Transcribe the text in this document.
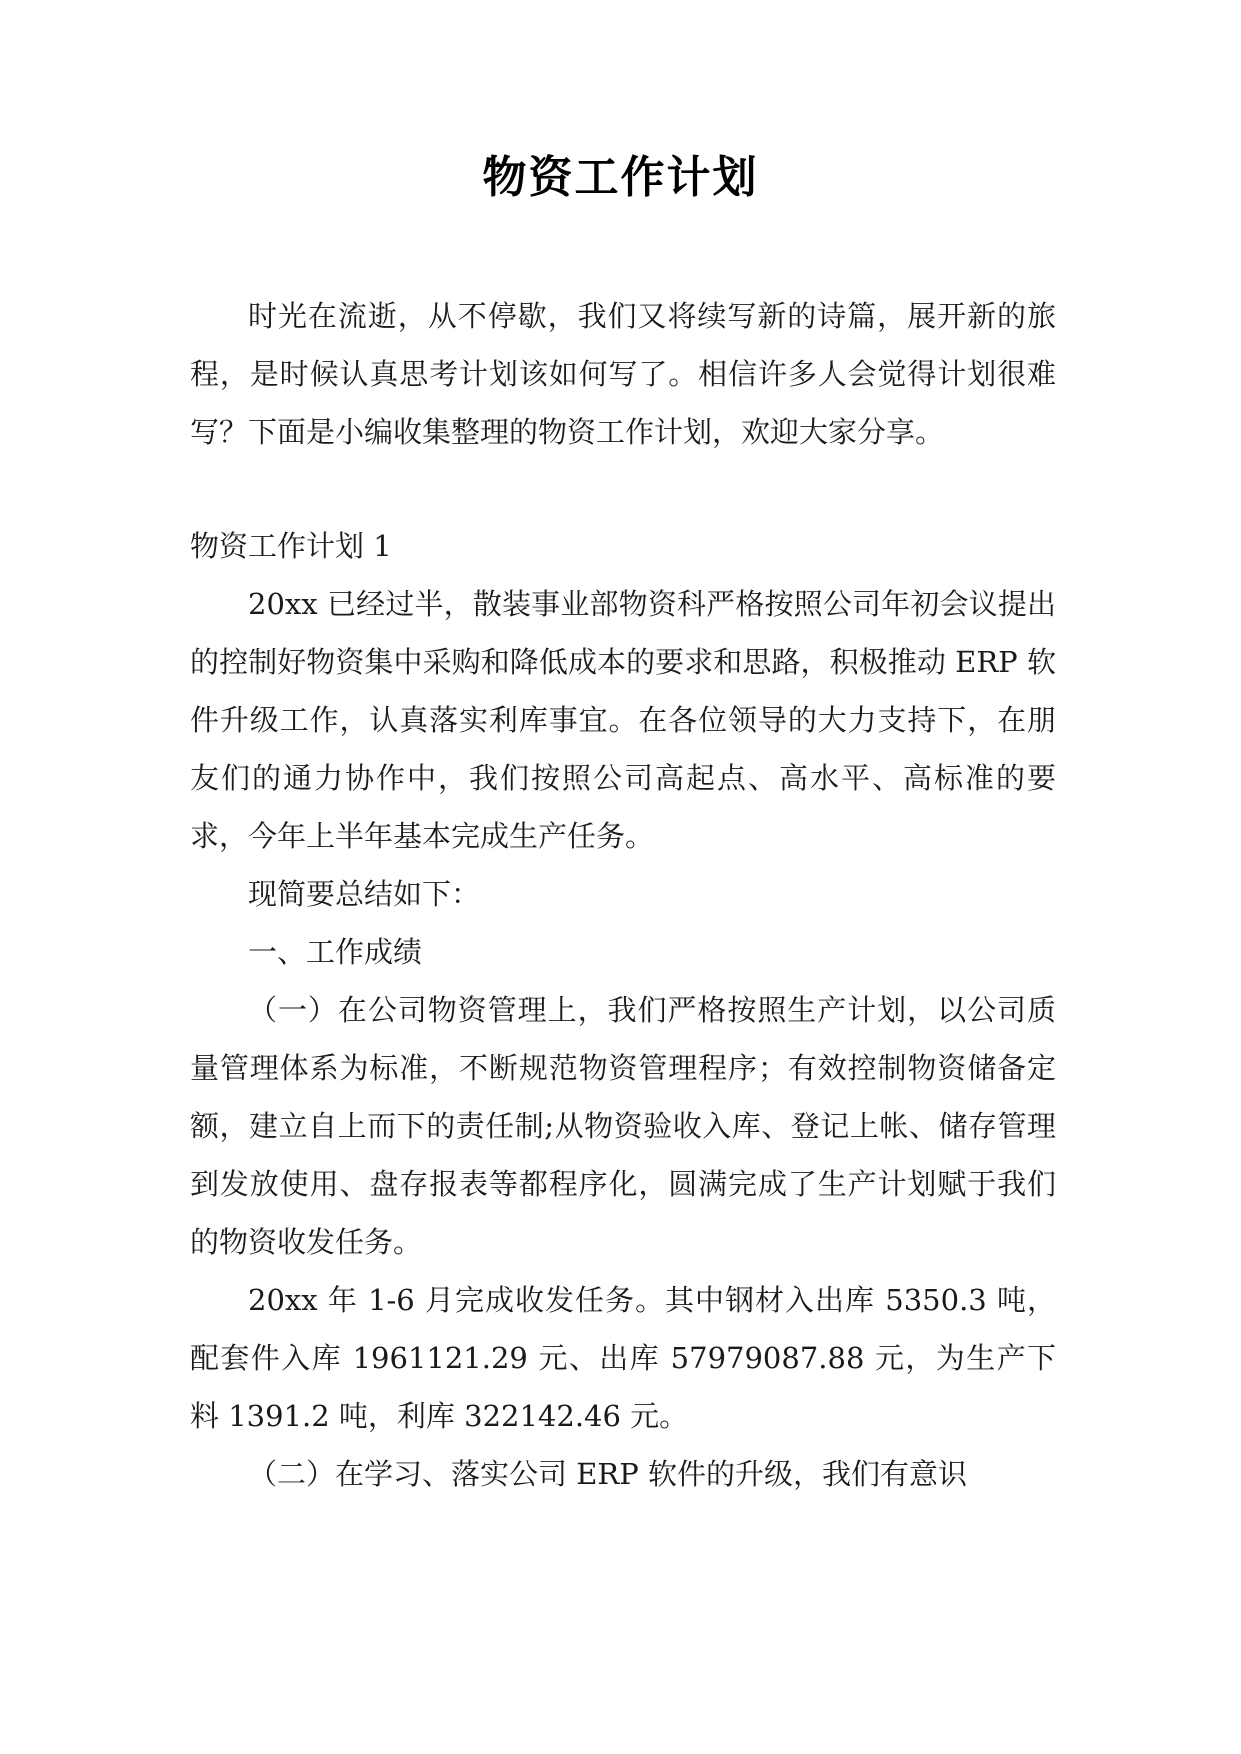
物资工作计划

时光在流逝，从不停歇，我们又将续写新的诗篇，展开新的旅程，是时候认真思考计划该如何写了。相信许多人会觉得计划很难写？下面是小编收集整理的物资工作计划，欢迎大家分享。

物资工作计划 1

20xx 已经过半，散装事业部物资科严格按照公司年初会议提出的控制好物资集中采购和降低成本的要求和思路，积极推动 ERP 软件升级工作，认真落实利库事宜。在各位领导的大力支持下，在朋友们的通力协作中，我们按照公司高起点、高水平、高标准的要求，今年上半年基本完成生产任务。

现简要总结如下：

一、工作成绩

（一）在公司物资管理上，我们严格按照生产计划，以公司质量管理体系为标准，不断规范物资管理程序；有效控制物资储备定额，建立自上而下的责任制;从物资验收入库、登记上帐、储存管理到发放使用、盘存报表等都程序化，圆满完成了生产计划赋于我们的物资收发任务。

20xx 年 1-6 月完成收发任务。其中钢材入出库 5350.3 吨，配套件入库 1961121.29 元、出库 57979087.88 元，为生产下料 1391.2 吨，利库 322142.46 元。

（二）在学习、落实公司 ERP 软件的升级，我们有意识
